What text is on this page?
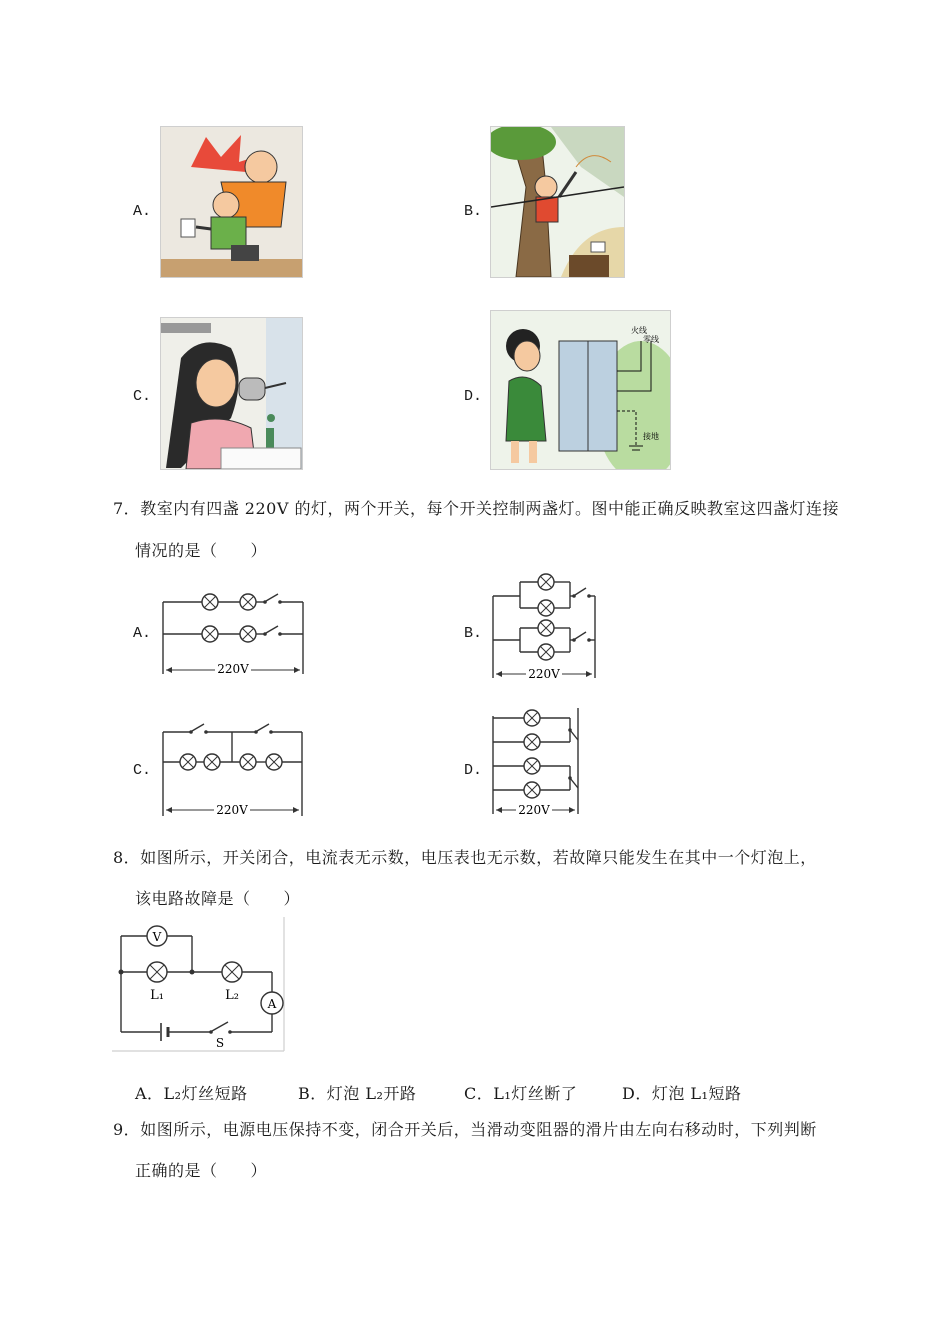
A.	B.
C.	D.
火线
零线
接地
7．教室内有四盏 220V 的灯，两个开关，每个开关控制两盏灯。图中能正确反映教室这四盏灯连接
情况的是（　　）
A.
220V
B.
220V
C.
220V
D.
220V
8．如图所示，开关闭合，电流表无示数，电压表也无示数，若故障只能发生在其中一个灯泡上，
该电路故障是（　　）
V
L₁	L₂
A
S
A．L₂灯丝短路	B．灯泡 L₂开路	C．L₁灯丝断了	D．灯泡 L₁短路
9．如图所示，电源电压保持不变，闭合开关后，当滑动变阻器的滑片由左向右移动时，下列判断
正确的是（　　）
